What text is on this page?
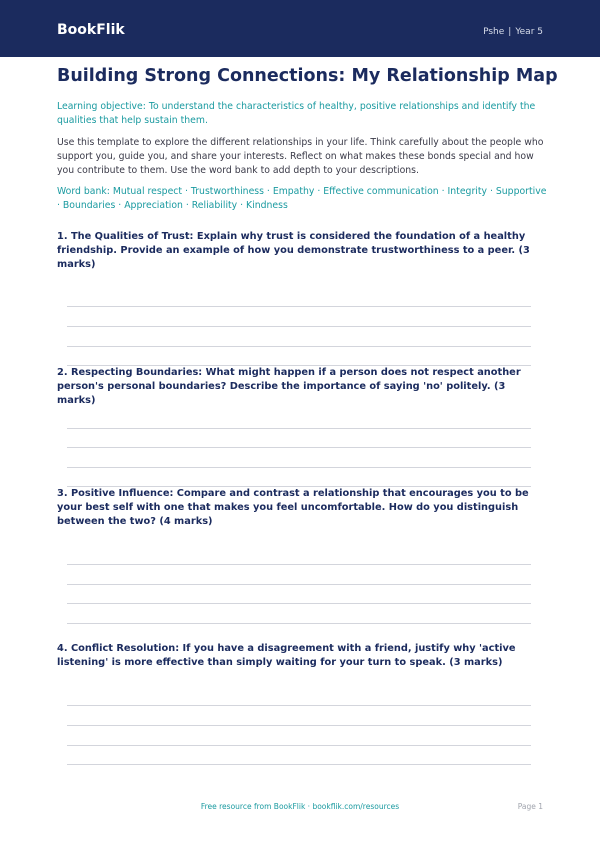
BookFlik	Pshe | Year 5
Building Strong Connections: My Relationship Map
Learning objective: To understand the characteristics of healthy, positive relationships and identify the qualities that help sustain them.
Use this template to explore the different relationships in your life. Think carefully about the people who support you, guide you, and share your interests. Reflect on what makes these bonds special and how you contribute to them. Use the word bank to add depth to your descriptions.
Word bank: Mutual respect · Trustworthiness · Empathy · Effective communication · Integrity · Supportive · Boundaries · Appreciation · Reliability · Kindness
1. The Qualities of Trust: Explain why trust is considered the foundation of a healthy friendship. Provide an example of how you demonstrate trustworthiness to a peer. (3 marks)
2. Respecting Boundaries: What might happen if a person does not respect another person's personal boundaries? Describe the importance of saying 'no' politely. (3 marks)
3. Positive Influence: Compare and contrast a relationship that encourages you to be your best self with one that makes you feel uncomfortable. How do you distinguish between the two? (4 marks)
4. Conflict Resolution: If you have a disagreement with a friend, justify why 'active listening' is more effective than simply waiting for your turn to speak. (3 marks)
Free resource from BookFlik · bookflik.com/resources	Page 1
